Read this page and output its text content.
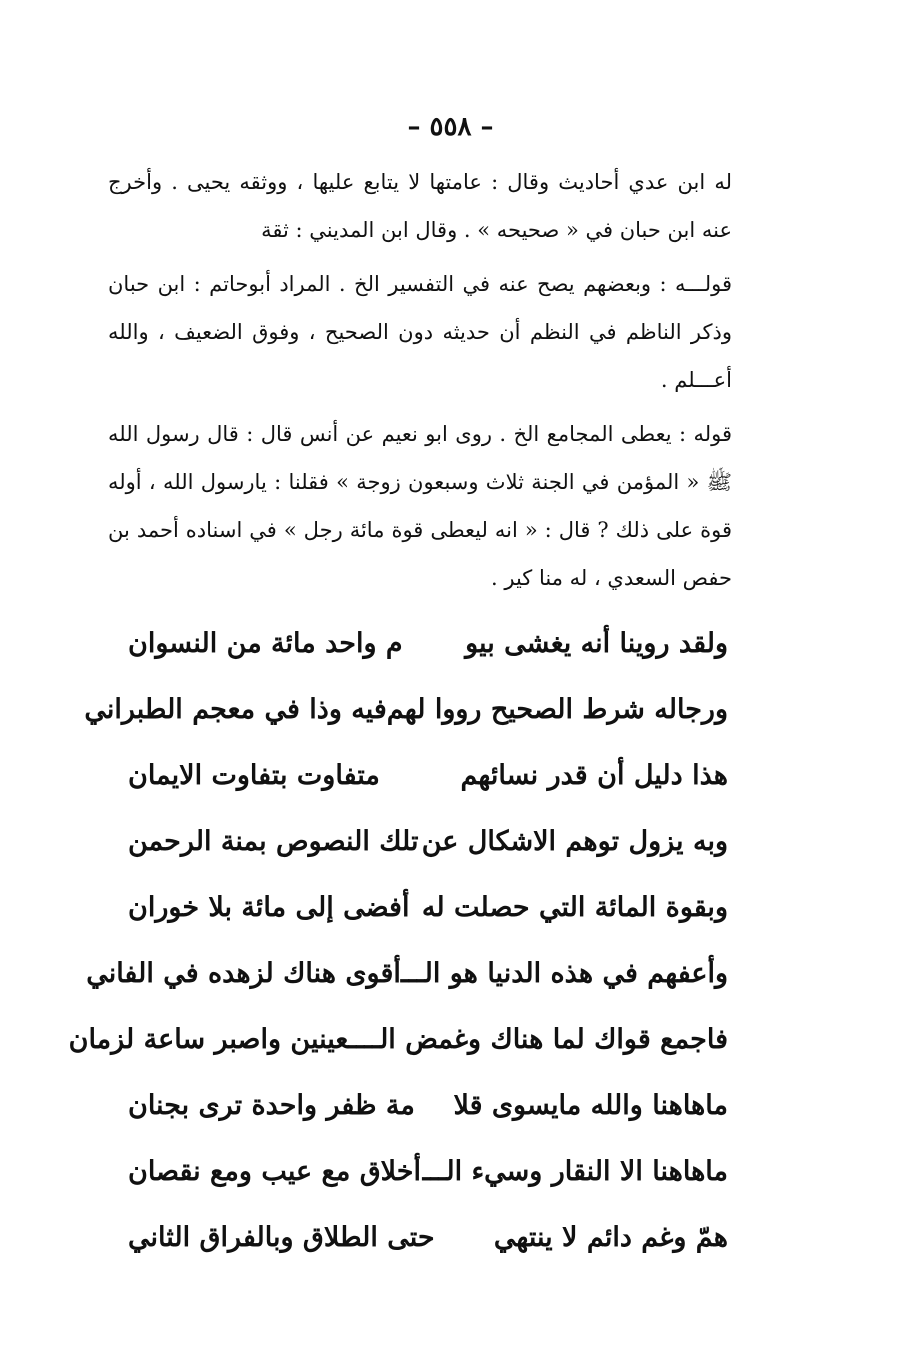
– ٥٥٨ –

له ابن عدي أحاديث وقال : عامتها لا يتابع عليها ، ووثقه يحيى . وأخرج عنه ابن حبان في « صحيحه » . وقال ابن المديني : ثقة

قولـــه : وبعضهم يصح عنه في التفسير الخ . المراد أبوحاتم : ابن حبان وذكر الناظم في النظم أن حديثه دون الصحيح ، وفوق الضعيف ، والله أعـــلم .

قوله : يعطى المجامع الخ . روى ابو نعيم عن أنس قال : قال رسول الله ﷺ « المؤمن في الجنة ثلاث وسبعون زوجة » فقلنا : يارسول الله ، أوله قوة على ذلك ? قال : « انه ليعطى قوة مائة رجل » في اسناده أحمد بن حفص السعدي ، له منا كير .

ولقد روينا أنه يغشى بيو
م واحد مائة من النسوان
ورجاله شرط الصحيح رووا لهم
فيه وذا في معجم الطبراني
هذا دليل أن قدر نسائهم
متفاوت بتفاوت الايمان
وبه يزول توهم الاشكال عن
تلك النصوص بمنة الرحمن
وبقوة المائة التي حصلت له
أفضى إلى مائة بلا خوران
وأعفهم في هذه الدنيا هو الـــ
أقوى هناك لزهده في الفاني
فاجمع قواك لما هناك وغمض الـــ
ـعينين واصبر ساعة لزمان
ماهاهنا والله مايسوى قلا
مة ظفر واحدة ترى بجنان
ماهاهنا الا النقار وسيء الـــ
أخلاق مع عيب ومع نقصان
همّ وغم دائم لا ينتهي
حتى الطلاق وبالفراق الثاني
